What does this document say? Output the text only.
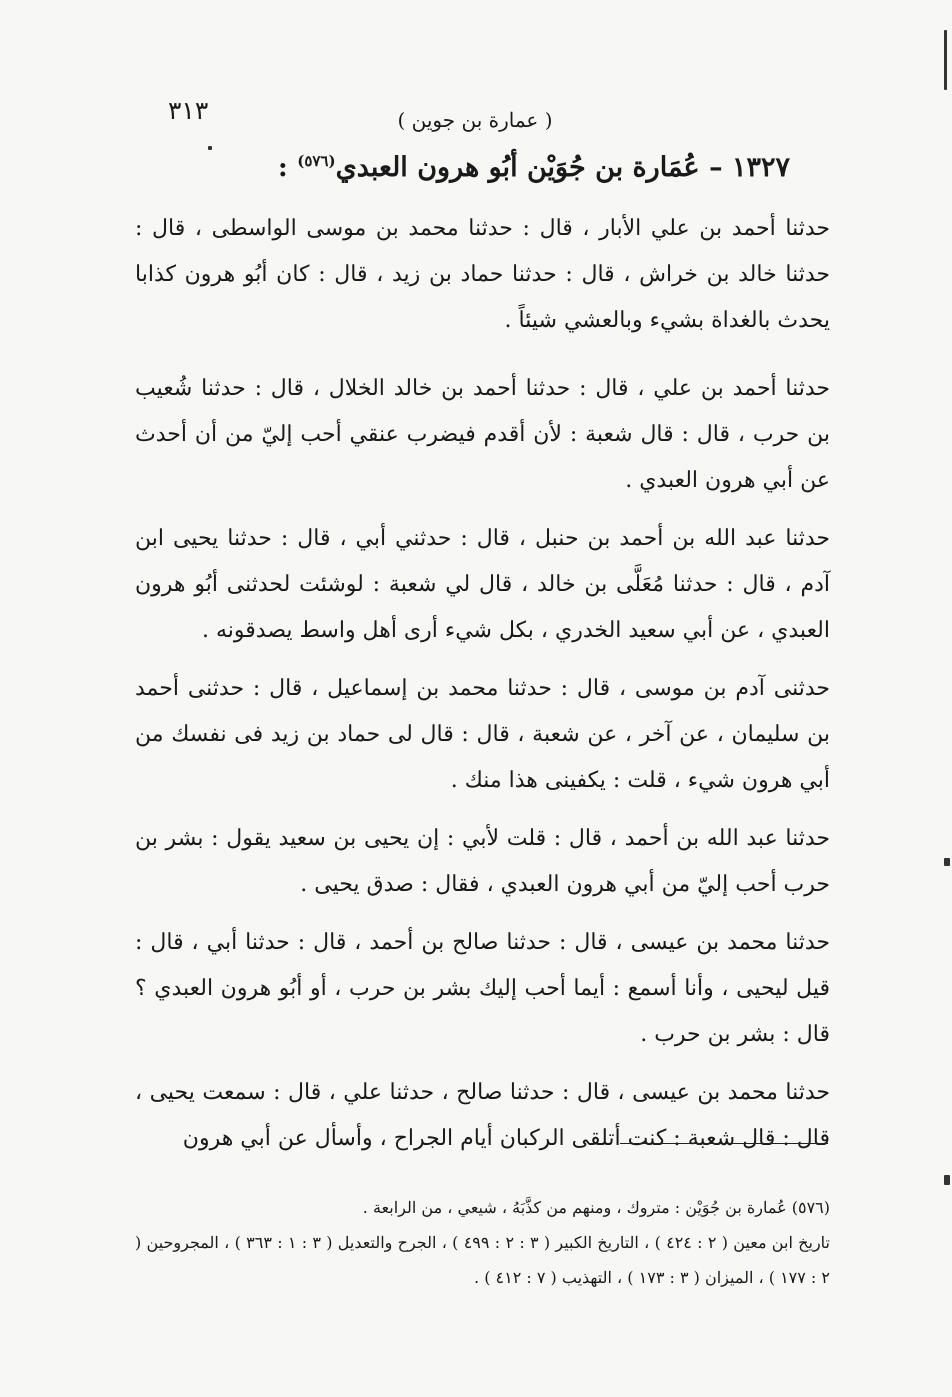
٣١٣	( عمارة بن جوين )
١٣٢٧ – عُمَارة بن جُوَيْن أبُو هرون العبدي$^{(٥٧٦)}$ :

حدثنا أحمد بن علي الأبار ، قال : حدثنا محمد بن موسى الواسطى ، قال : حدثنا خالد بن خراش ، قال : حدثنا حماد بن زيد ، قال : كان أبُو هرون كذابا يحدث بالغداة بشيء وبالعشي شيئاً .

حدثنا أحمد بن علي ، قال : حدثنا أحمد بن خالد الخلال ، قال : حدثنا شُعيب بن حرب ، قال : قال شعبة : لأن أقدم فيضرب عنقي أحب إليّ من أن أحدث عن أبي هرون العبدي .

حدثنا عبد الله بن أحمد بن حنبل ، قال : حدثني أبي ، قال : حدثنا يحيى ابن آدم ، قال : حدثنا مُعَلَّى بن خالد ، قال لي شعبة : لوشئت لحدثنى أبُو هرون العبدي ، عن أبي سعيد الخدري ، بكل شيء أرى أهل واسط يصدقونه .

حدثنى آدم بن موسى ، قال : حدثنا محمد بن إسماعيل ، قال : حدثنى أحمد بن سليمان ، عن آخر ، عن شعبة ، قال : قال لى حماد بن زيد فى نفسك من أبي هرون شيء ، قلت : يكفينى هذا منك .

حدثنا عبد الله بن أحمد ، قال : قلت لأبي : إن يحيى بن سعيد يقول : بشر بن حرب أحب إليّ من أبي هرون العبدي ، فقال : صدق يحيى .

حدثنا محمد بن عيسى ، قال : حدثنا صالح بن أحمد ، قال : حدثنا أبي ، قال : قيل ليحيى ، وأنا أسمع : أيما أحب إليك بشر بن حرب ، أو أبُو هرون العبدي ؟ قال : بشر بن حرب .

حدثنا محمد بن عيسى ، قال : حدثنا صالح ، حدثنا علي ، قال : سمعت يحيى ، قال : قال شعبة : كنت أتلقى الركبان أيام الجراح ، وأسأل عن أبي هرون

(٥٧٦) عُمارة بن جُوَيْن : متروك ، ومنهم من كذَّبَهُ ، شيعي ، من الرابعة .

تاريخ ابن معين ( ٢ : ٤٢٤ ) ، التاريخ الكبير ( ٣ : ٢ : ٤٩٩ ) ، الجرح والتعديل ( ٣ : ١ : ٣٦٣ ) ، المجروحين ( ٢ : ١٧٧ ) ، الميزان ( ٣ : ١٧٣ ) ، التهذيب ( ٧ : ٤١٢ ) .
